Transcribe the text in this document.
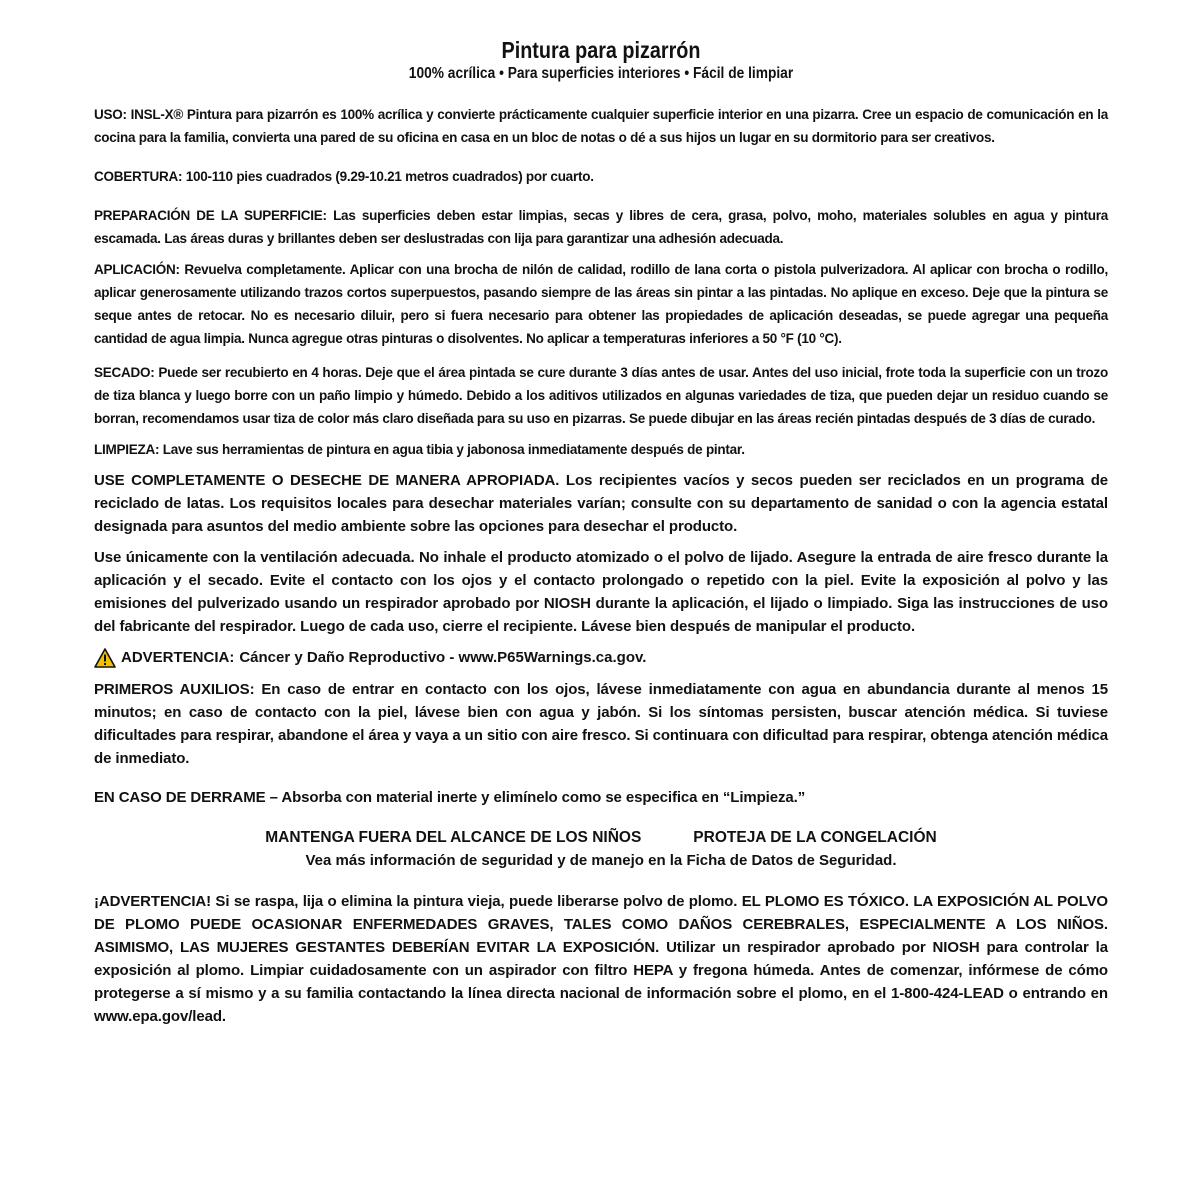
Pintura para pizarrón
100% acrílica • Para superficies interiores • Fácil de limpiar

USO: INSL-X® Pintura para pizarrón es 100% acrílica y convierte prácticamente cualquier superficie interior en una pizarra. Cree un espacio de comunicación en la cocina para la familia, convierta una pared de su oficina en casa en un bloc de notas o dé a sus hijos un lugar en su dormitorio para ser creativos.

COBERTURA: 100-110 pies cuadrados (9.29-10.21 metros cuadrados) por cuarto.

PREPARACIÓN DE LA SUPERFICIE: Las superficies deben estar limpias, secas y libres de cera, grasa, polvo, moho, materiales solubles en agua y pintura escamada. Las áreas duras y brillantes deben ser deslustradas con lija para garantizar una adhesión adecuada.

APLICACIÓN: Revuelva completamente. Aplicar con una brocha de nilón de calidad, rodillo de lana corta o pistola pulverizadora. Al aplicar con brocha o rodillo, aplicar generosamente utilizando trazos cortos superpuestos, pasando siempre de las áreas sin pintar a las pintadas. No aplique en exceso. Deje que la pintura se seque antes de retocar. No es necesario diluir, pero si fuera necesario para obtener las propiedades de aplicación deseadas, se puede agregar una pequeña cantidad de agua limpia. Nunca agregue otras pinturas o disolventes. No aplicar a temperaturas inferiores a 50 °F (10 °C).

SECADO: Puede ser recubierto en 4 horas. Deje que el área pintada se cure durante 3 días antes de usar. Antes del uso inicial, frote toda la superficie con un trozo de tiza blanca y luego borre con un paño limpio y húmedo. Debido a los aditivos utilizados en algunas variedades de tiza, que pueden dejar un residuo cuando se borran, recomendamos usar tiza de color más claro diseñada para su uso en pizarras. Se puede dibujar en las áreas recién pintadas después de 3 días de curado.

LIMPIEZA: Lave sus herramientas de pintura en agua tibia y jabonosa inmediatamente después de pintar.

USE COMPLETAMENTE O DESECHE DE MANERA APROPIADA. Los recipientes vacíos y secos pueden ser reciclados en un programa de reciclado de latas. Los requisitos locales para desechar materiales varían; consulte con su departamento de sanidad o con la agencia estatal designada para asuntos del medio ambiente sobre las opciones para desechar el producto.

Use únicamente con la ventilación adecuada. No inhale el producto atomizado o el polvo de lijado. Asegure la entrada de aire fresco durante la aplicación y el secado. Evite el contacto con los ojos y el contacto prolongado o repetido con la piel. Evite la exposición al polvo y las emisiones del pulverizado usando un respirador aprobado por NIOSH durante la aplicación, el lijado o limpiado. Siga las instrucciones de uso del fabricante del respirador. Luego de cada uso, cierre el recipiente. Lávese bien después de manipular el producto.

ADVERTENCIA: Cáncer y Daño Reproductivo - www.P65Warnings.ca.gov.

PRIMEROS AUXILIOS: En caso de entrar en contacto con los ojos, lávese inmediatamente con agua en abundancia durante al menos 15 minutos; en caso de contacto con la piel, lávese bien con agua y jabón. Si los síntomas persisten, buscar atención médica. Si tuviese dificultades para respirar, abandone el área y vaya a un sitio con aire fresco. Si continuara con dificultad para respirar, obtenga atención médica de inmediato.

EN CASO DE DERRAME – Absorba con material inerte y elimínelo como se especifica en “Limpieza.”

MANTENGA FUERA DEL ALCANCE DE LOS NIÑOS	PROTEJA DE LA CONGELACIÓN
Vea más información de seguridad y de manejo en la Ficha de Datos de Seguridad.

¡ADVERTENCIA! Si se raspa, lija o elimina la pintura vieja, puede liberarse polvo de plomo. EL PLOMO ES TÓXICO. LA EXPOSICIÓN AL POLVO DE PLOMO PUEDE OCASIONAR ENFERMEDADES GRAVES, TALES COMO DAÑOS CEREBRALES, ESPECIALMENTE A LOS NIÑOS. ASIMISMO, LAS MUJERES GESTANTES DEBERÍAN EVITAR LA EXPOSICIÓN. Utilizar un respirador aprobado por NIOSH para controlar la exposición al plomo. Limpiar cuidadosamente con un aspirador con filtro HEPA y fregona húmeda. Antes de comenzar, infórmese de cómo protegerse a sí mismo y a su familia contactando la línea directa nacional de información sobre el plomo, en el 1-800-424-LEAD o entrando en www.epa.gov/lead.
